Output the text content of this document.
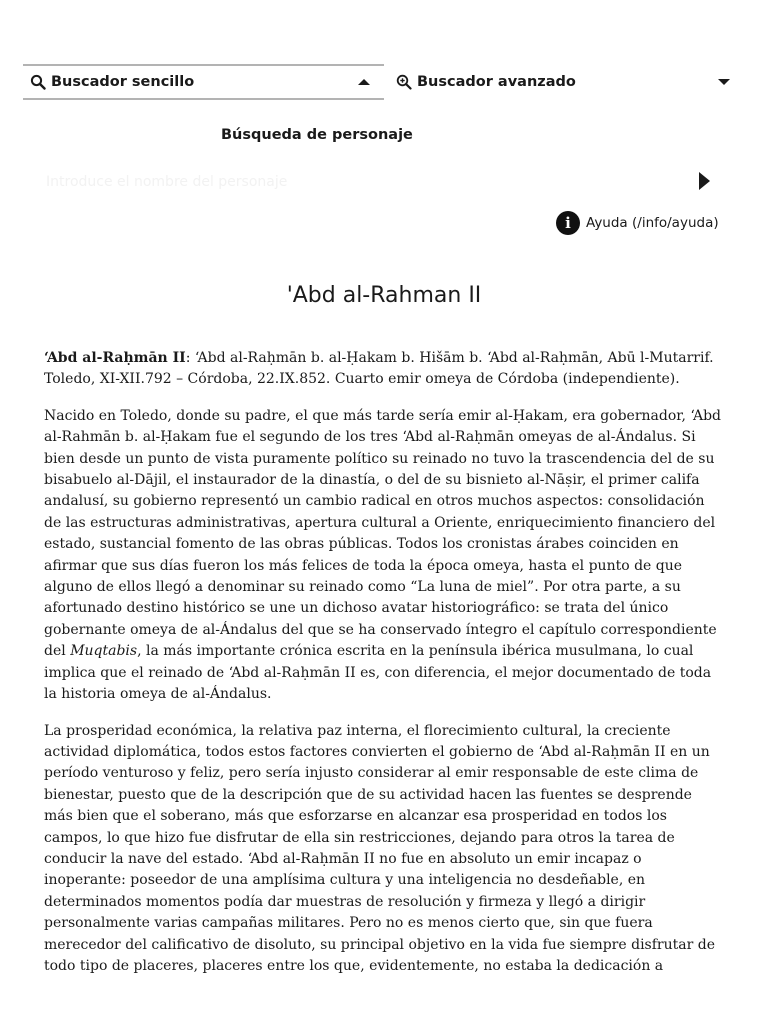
Buscador sencillo	Buscador avanzado
Búsqueda de personaje
Introduce el nombre del personaje
i	Ayuda (/info/ayuda)
'Abd al-Rahman II

‘Abd al-Raḥmān II: ‘Abd al-Raḥmān b. al-Ḥakam b. Hišām b. ‘Abd al-Raḥmān, Abū l-Mutarrif. Toledo, XI-XII.792 – Córdoba, 22.IX.852. Cuarto emir omeya de Córdoba (independiente).

Nacido en Toledo, donde su padre, el que más tarde sería emir al-Ḥakam, era gobernador, ‘Abd al-Rahmān b. al-Ḥakam fue el segundo de los tres ‘Abd al-Raḥmān omeyas de al-Ándalus. Si bien desde un punto de vista puramente político su reinado no tuvo la trascendencia del de su bisabuelo al-Dājil, el instaurador de la dinastía, o del de su bisnieto al-Nāṣir, el primer califa andalusí, su gobierno representó un cambio radical en otros muchos aspectos: consolidación de las estructuras administrativas, apertura cultural a Oriente, enriquecimiento financiero del estado, sustancial fomento de las obras públicas. Todos los cronistas árabes coinciden en afirmar que sus días fueron los más felices de toda la época omeya, hasta el punto de que alguno de ellos llegó a denominar su reinado como “La luna de miel”. Por otra parte, a su afortunado destino histórico se une un dichoso avatar historiográfico: se trata del único gobernante omeya de al-Ándalus del que se ha conservado íntegro el capítulo correspondiente del Muqtabis, la más importante crónica escrita en la península ibérica musulmana, lo cual implica que el reinado de ‘Abd al-Raḥmān II es, con diferencia, el mejor documentado de toda la historia omeya de al-Ándalus.

La prosperidad económica, la relativa paz interna, el florecimiento cultural, la creciente actividad diplomática, todos estos factores convierten el gobierno de ‘Abd al-Raḥmān II en un período venturoso y feliz, pero sería injusto considerar al emir responsable de este clima de bienestar, puesto que de la descripción que de su actividad hacen las fuentes se desprende más bien que el soberano, más que esforzarse en alcanzar esa prosperidad en todos los campos, lo que hizo fue disfrutar de ella sin restricciones, dejando para otros la tarea de conducir la nave del estado. ‘Abd al-Raḥmān II no fue en absoluto un emir incapaz o inoperante: poseedor de una amplísima cultura y una inteligencia no desdeñable, en determinados momentos podía dar muestras de resolución y firmeza y llegó a dirigir personalmente varias campañas militares. Pero no es menos cierto que, sin que fuera merecedor del calificativo de disoluto, su principal objetivo en la vida fue siempre disfrutar de todo tipo de placeres, placeres entre los que, evidentemente, no estaba la dedicación a
